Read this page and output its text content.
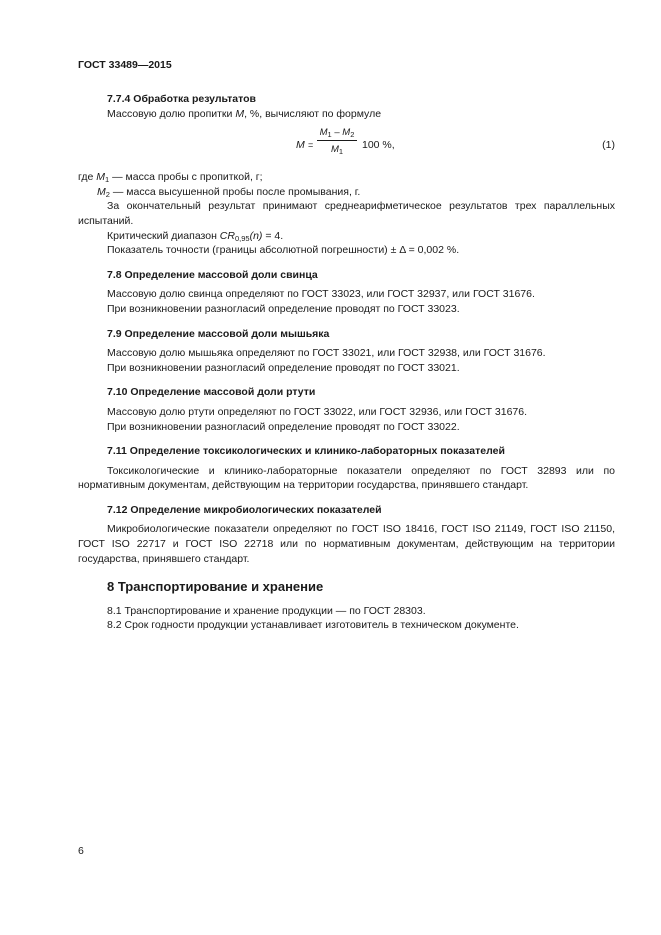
ГОСТ 33489—2015
7.7.4 Обработка результатов
Массовую долю пропитки M, %, вычисляют по формуле
$M = \frac{M_1 - M_2}{M_1} 100$ %,	(1)
где $M_1$ — масса пробы с пропиткой, г;
$M_2$ — масса высушенной пробы после промывания, г.
За окончательный результат принимают среднеарифметическое результатов трех параллельных испытаний.
Критический диапазон $CR_{0,95}(n) = 4$.
Показатель точности (границы абсолютной погрешности) ± Δ = 0,002 %.
7.8 Определение массовой доли свинца
Массовую долю свинца определяют по ГОСТ 33023, или ГОСТ 32937, или ГОСТ 31676.
При возникновении разногласий определение проводят по ГОСТ 33023.
7.9 Определение массовой доли мышьяка
Массовую долю мышьяка определяют по ГОСТ 33021, или ГОСТ 32938, или ГОСТ 31676.
При возникновении разногласий определение проводят по ГОСТ 33021.
7.10 Определение массовой доли ртути
Массовую долю ртути определяют по ГОСТ 33022, или ГОСТ 32936, или ГОСТ 31676.
При возникновении разногласий определение проводят по ГОСТ 33022.
7.11 Определение токсикологических и клинико-лабораторных показателей
Токсикологические и клинико-лабораторные показатели определяют по ГОСТ 32893 или по нормативным документам, действующим на территории государства, принявшего стандарт.
7.12 Определение микробиологических показателей
Микробиологические показатели определяют по ГОСТ ISO 18416, ГОСТ ISO 21149, ГОСТ ISO 21150, ГОСТ ISO 22717 и ГОСТ ISO 22718 или по нормативным документам, действующим на территории государства, принявшего стандарт.
8 Транспортирование и хранение
8.1 Транспортирование и хранение продукции — по ГОСТ 28303.
8.2 Срок годности продукции устанавливает изготовитель в техническом документе.
6
